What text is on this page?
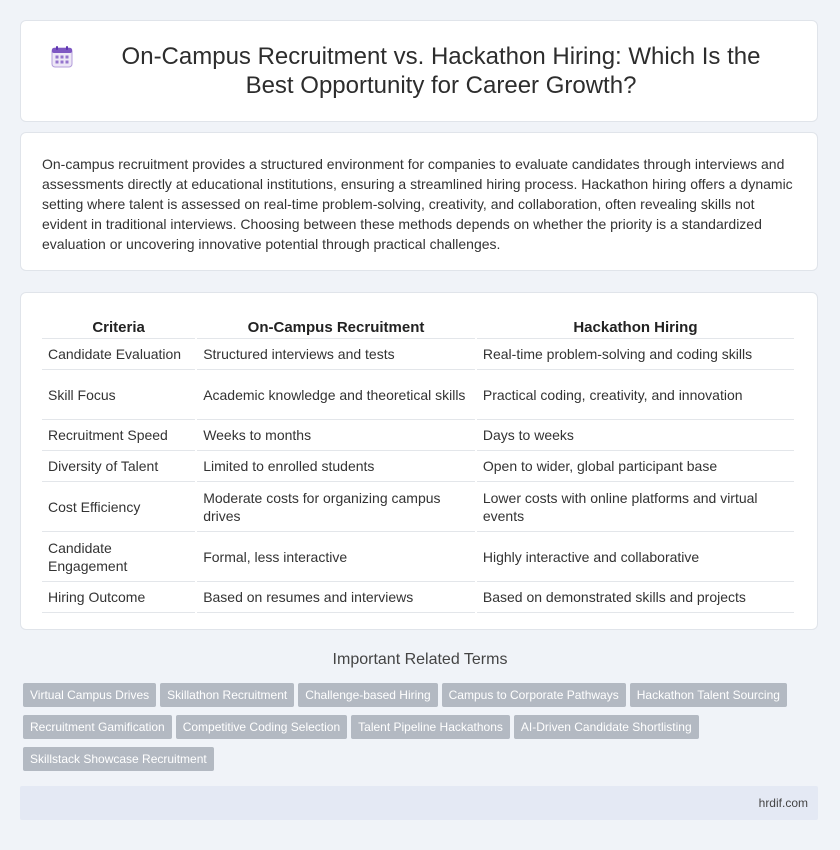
On-Campus Recruitment vs. Hackathon Hiring: Which Is the Best Opportunity for Career Growth?

On-campus recruitment provides a structured environment for companies to evaluate candidates through interviews and assessments directly at educational institutions, ensuring a streamlined hiring process. Hackathon hiring offers a dynamic setting where talent is assessed on real-time problem-solving, creativity, and collaboration, often revealing skills not evident in traditional interviews. Choosing between these methods depends on whether the priority is a standardized evaluation or uncovering innovative potential through practical challenges.

Criteria	On-Campus Recruitment	Hackathon Hiring
Candidate Evaluation	Structured interviews and tests	Real-time problem-solving and coding skills
Skill Focus	Academic knowledge and theoretical skills	Practical coding, creativity, and innovation
Recruitment Speed	Weeks to months	Days to weeks
Diversity of Talent	Limited to enrolled students	Open to wider, global participant base
Cost Efficiency	Moderate costs for organizing campus drives	Lower costs with online platforms and virtual events
Candidate Engagement	Formal, less interactive	Highly interactive and collaborative
Hiring Outcome	Based on resumes and interviews	Based on demonstrated skills and projects
Important Related Terms
Virtual Campus Drives Skillathon Recruitment Challenge-based Hiring Campus to Corporate Pathways Hackathon Talent Sourcing
Recruitment Gamification Competitive Coding Selection Talent Pipeline Hackathons AI-Driven Candidate Shortlisting
Skillstack Showcase Recruitment
hrdif.com
